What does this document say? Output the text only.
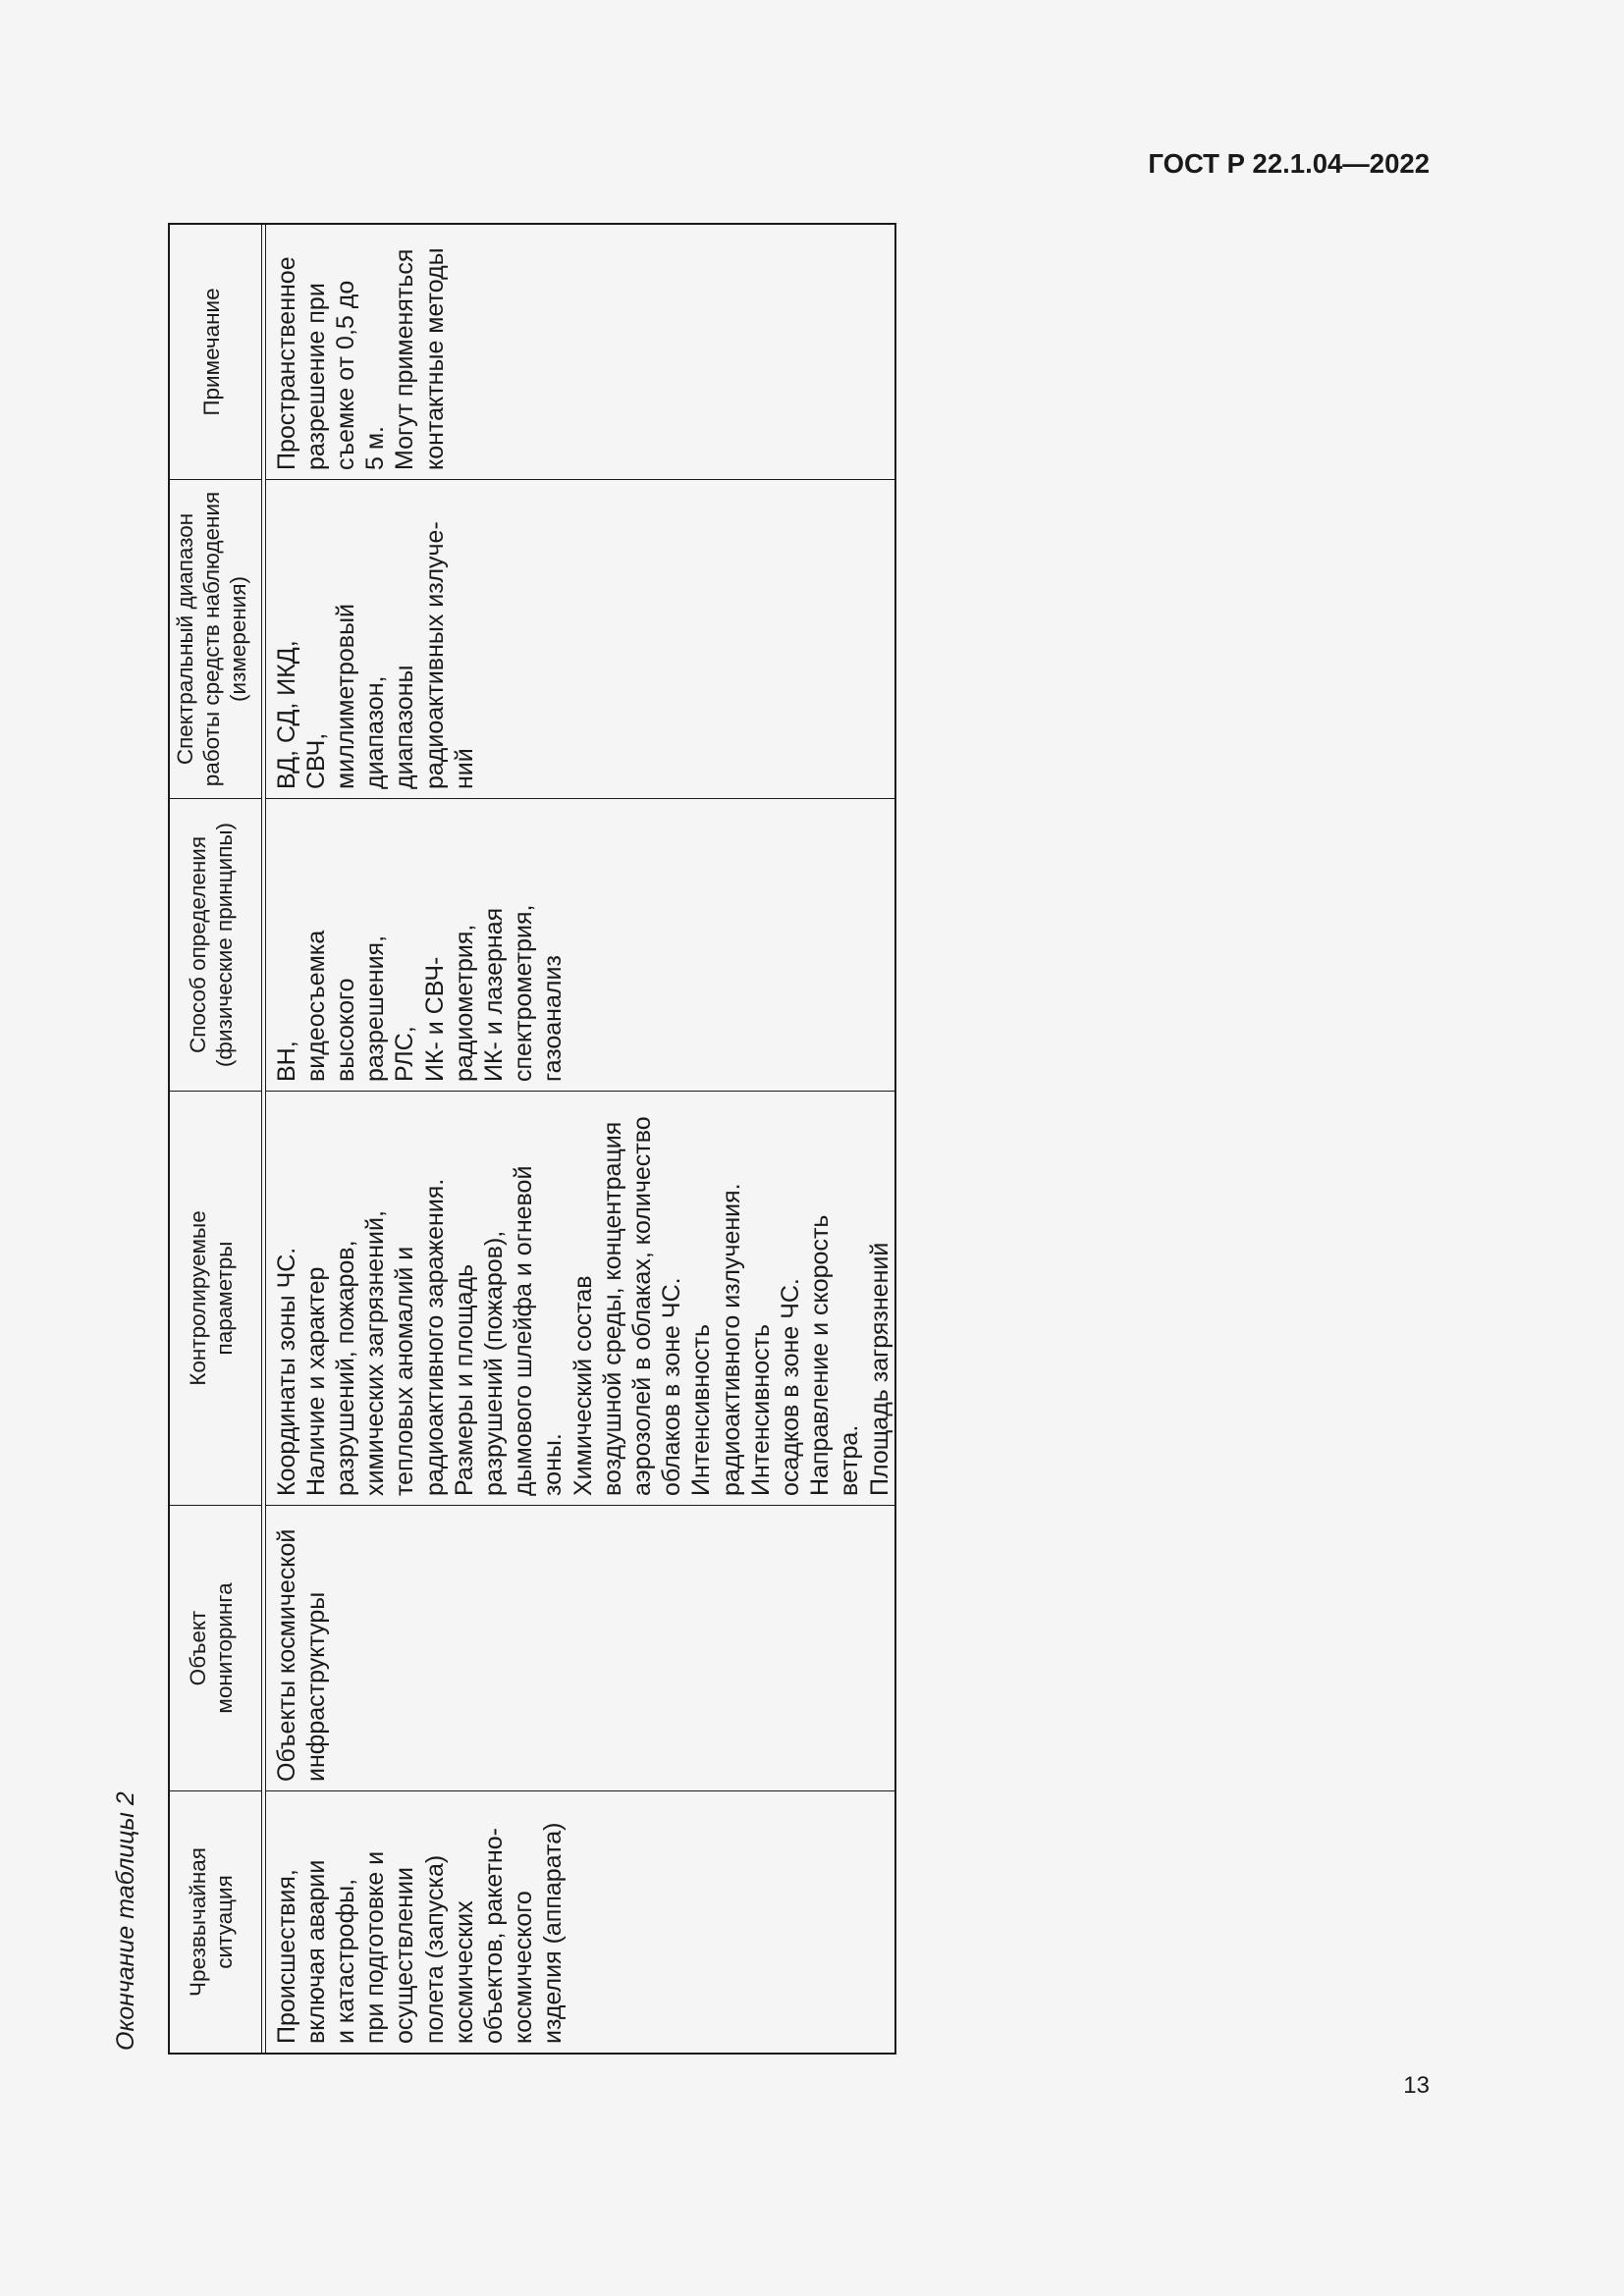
ГОСТ Р 22.1.04—2022
Окончание таблицы 2 Чрезвычайная ситуация
Объект мониторинга
Контролируемые параметры
Способ определения (физические принципы)
Спектральный диапазон работы средств наблюдения (измерения)
Примечание
Происшествия, включая аварии и катастрофы, при подготовке и осуществлении полета (запуска) космических объектов, ракетно- космического изделия (аппарата)
Объекты космической инфраструктуры
Координаты зоны ЧС. Наличие и характер разрушений, пожаров, химических загрязнений, тепловых аномалий и радиоактивного заражения. Размеры и площадь разрушений (пожаров), дымового шлейфа и огневой зоны. Химический состав воздушной среды, концентрация аэрозолей в облаках, количество облаков в зоне ЧС. Интенсивность радиоактивного излучения. Интенсивность осадков в зоне ЧС. Направление и скорость ветра. Площадь загрязнений
ВН, видеосъемка высокого разрешения, РЛС, ИК- и СВЧ- радиометрия, ИК- и лазерная спектрометрия, газоанализ
ВД, СД, ИКД, СВЧ, миллиметровый диапазон, диапазоны радиоактивных излуче- ний
Пространственное разрешение при съемке от 0,5 до 5 м. Могут применяться контактные методы
13
